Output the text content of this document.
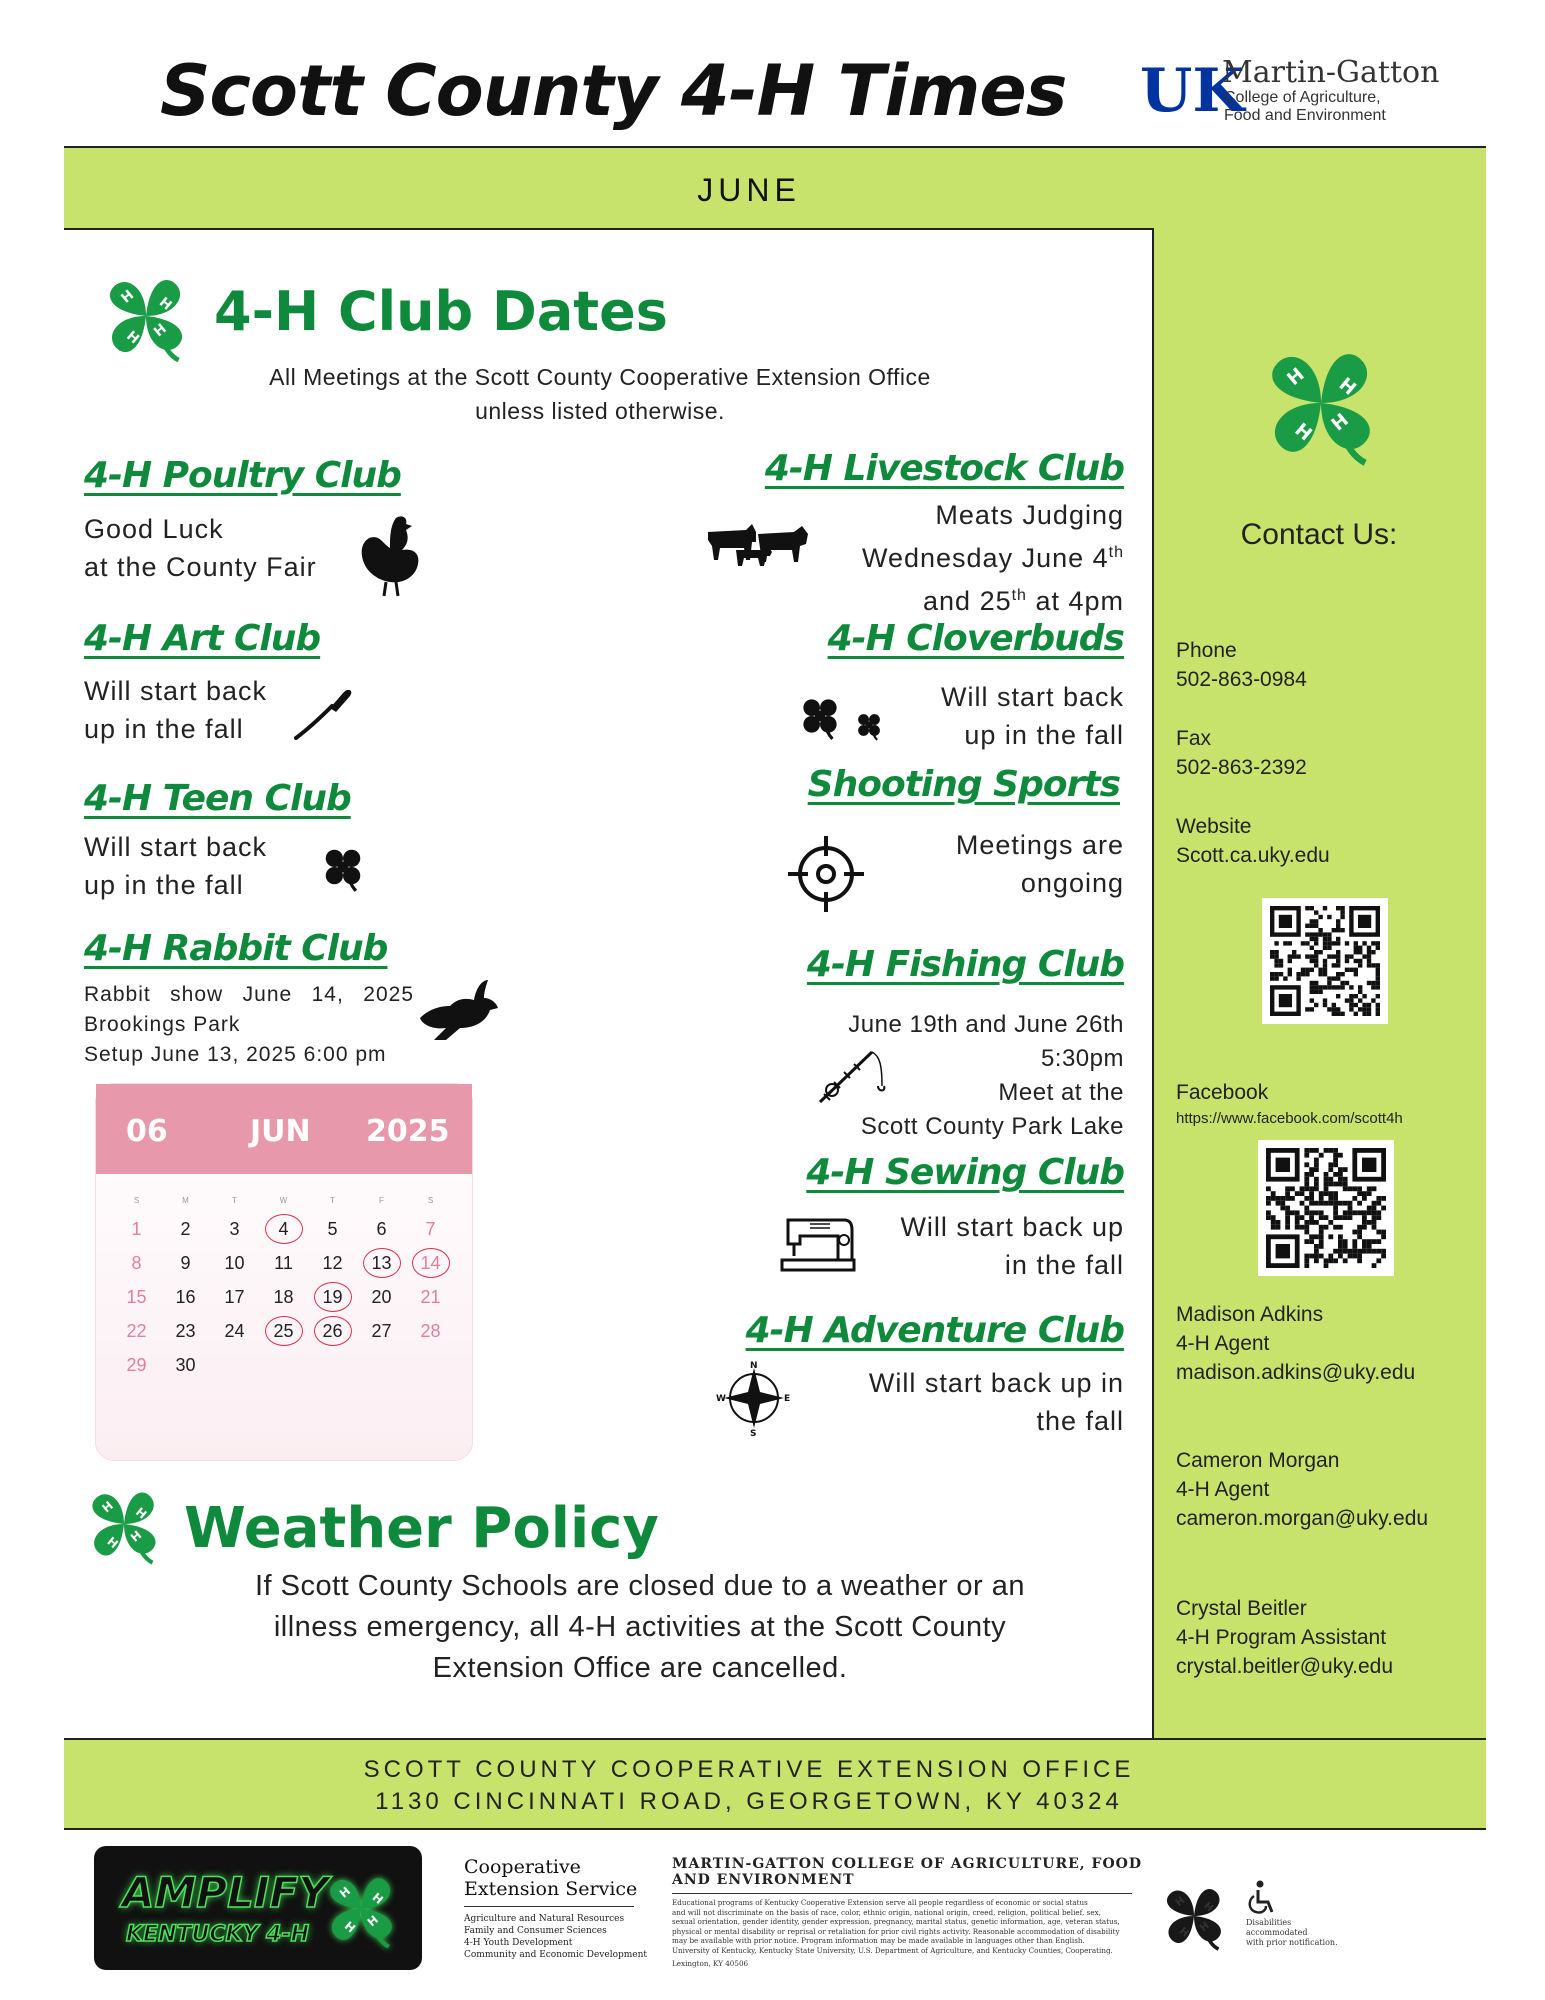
Scott County 4-H Times UK
Martin-Gatton
College of Agriculture,
Food and Environment
JUNE
SCOTT COUNTY COOPERATIVE EXTENSION OFFICE
1130 CINCINNATI ROAD, GEORGETOWN, KY 40324
4-H Club Dates
All Meetings at the Scott County Cooperative Extension Office
unless listed otherwise.
4-H Poultry Club
Good Luck
at the County Fair
4-H Art Club
Will start back
up in the fall
4-H Teen Club
Will start back
up in the fall
4-H Rabbit Club
Rabbit show June 14, 2025
Brookings Park
Setup June 13, 2025 6:00 pm
06	JUN 2025
S	M	T	W	T	F	S
1	2	3	4	5	6	7
8	9	10	11	12	13	14
15	16	17	18	19	20	21
22	23	24	25	26	27	28
29	30
4-H Livestock Club
Meats Judging
Wednesday June 4th
and 25th at 4pm
4-H Cloverbuds
Will start back
up in the fall
Shooting Sports
Meetings are
ongoing
4-H Fishing Club
June 19th and June 26th
5:30pm
Meet at the
Scott County Park Lake
4-H Sewing Club
Will start back up
in the fall
4-H Adventure Club
Will start back up in
the fall
N
S
W	E
Weather Policy
If Scott County Schools are closed due to a weather or an
illness emergency, all 4-H activities at the Scott County
Extension Office are cancelled.
Contact Us:
Phone
502-863-0984
Fax
502-863-2392
Website
Scott.ca.uky.edu
Facebook
https://www.facebook.com/scott4h
Madison Adkins
4-H Agent
madison.adkins@uky.edu
Cameron Morgan
4-H Agent
cameron.morgan@uky.edu
Crystal Beitler
4-H Program Assistant
crystal.beitler@uky.edu
AMPLIFY
KENTUCKY 4-H
Cooperative
Extension Service
Agriculture and Natural Resources
Family and Consumer Sciences
4-H Youth Development
Community and Economic Development
MARTIN-GATTON COLLEGE OF AGRICULTURE, FOOD AND ENVIRONMENT
Educational programs of Kentucky Cooperative Extension serve all people regardless of economic or social status
and will not discriminate on the basis of race, color, ethnic origin, national origin, creed, religion, political belief, sex,
sexual orientation, gender identity, gender expression, pregnancy, marital status, genetic information, age, veteran status,
physical or mental disability or reprisal or retaliation for prior civil rights activity. Reasonable accommodation of disability
may be available with prior notice. Program information may be made available in languages other than English.
University of Kentucky, Kentucky State University, U.S. Department of Agriculture, and Kentucky Counties, Cooperating.
Lexington, KY 40506
Disabilities
accommodated
with prior notification.
